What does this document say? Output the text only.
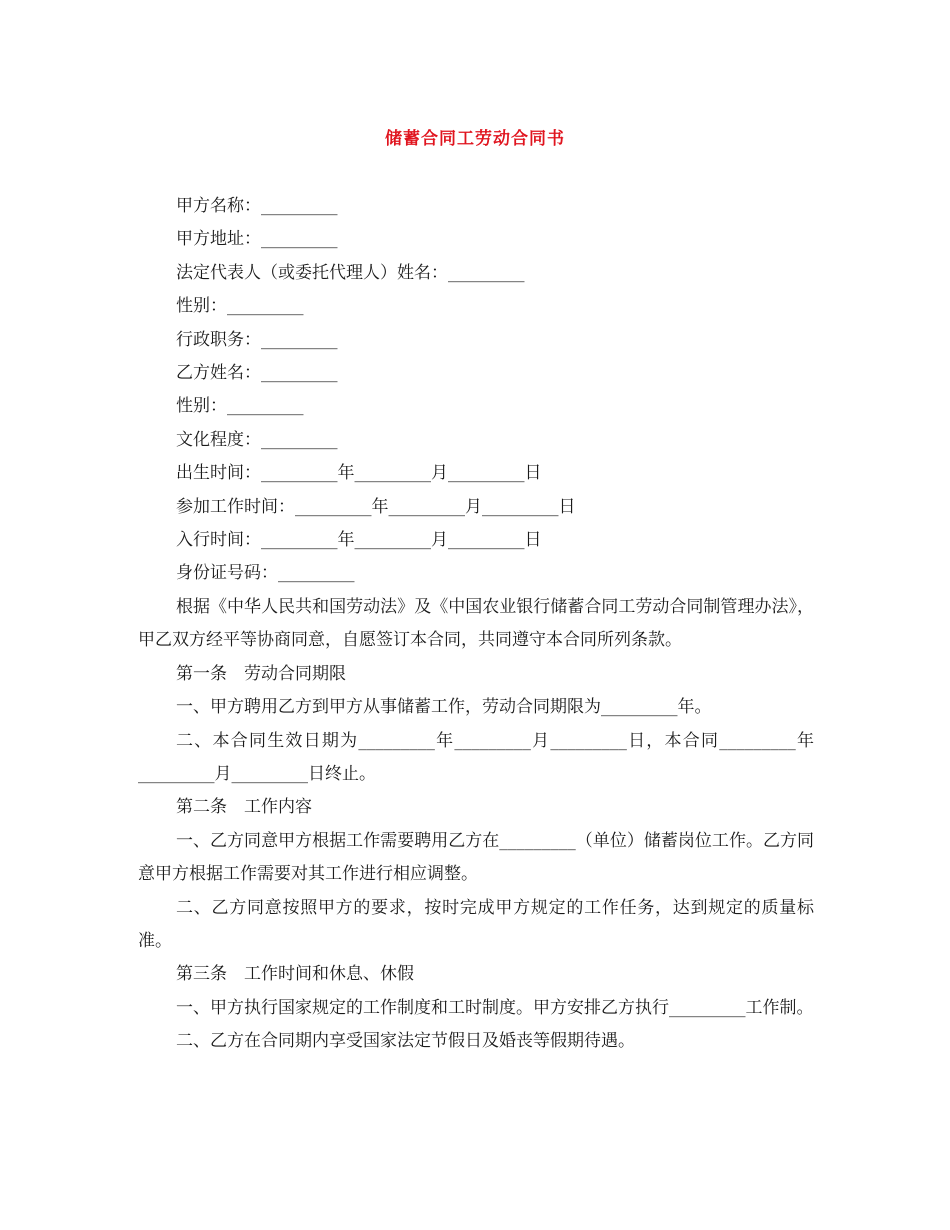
储蓄合同工劳动合同书

甲方名称：_________

甲方地址：_________

法定代表人（或委托代理人）姓名：_________

性别：_________

行政职务：_________

乙方姓名：_________

性别：_________

文化程度：_________

出生时间：_________年_________月_________日

参加工作时间：_________年_________月_________日

入行时间：_________年_________月_________日

身份证号码：_________

根据《中华人民共和国劳动法》及《中国农业银行储蓄合同工劳动合同制管理办法》，甲乙双方经平等协商同意，自愿签订本合同，共同遵守本合同所列条款。

第一条　劳动合同期限

一、甲方聘用乙方到甲方从事储蓄工作，劳动合同期限为_________年。

二、本合同生效日期为_________年_________月_________日，本合同_________年_________月_________日终止。

第二条　工作内容

一、乙方同意甲方根据工作需要聘用乙方在_________（单位）储蓄岗位工作。乙方同意甲方根据工作需要对其工作进行相应调整。

二、乙方同意按照甲方的要求，按时完成甲方规定的工作任务，达到规定的质量标准。

第三条　工作时间和休息、休假

一、甲方执行国家规定的工作制度和工时制度。甲方安排乙方执行_________工作制。

二、乙方在合同期内享受国家法定节假日及婚丧等假期待遇。
